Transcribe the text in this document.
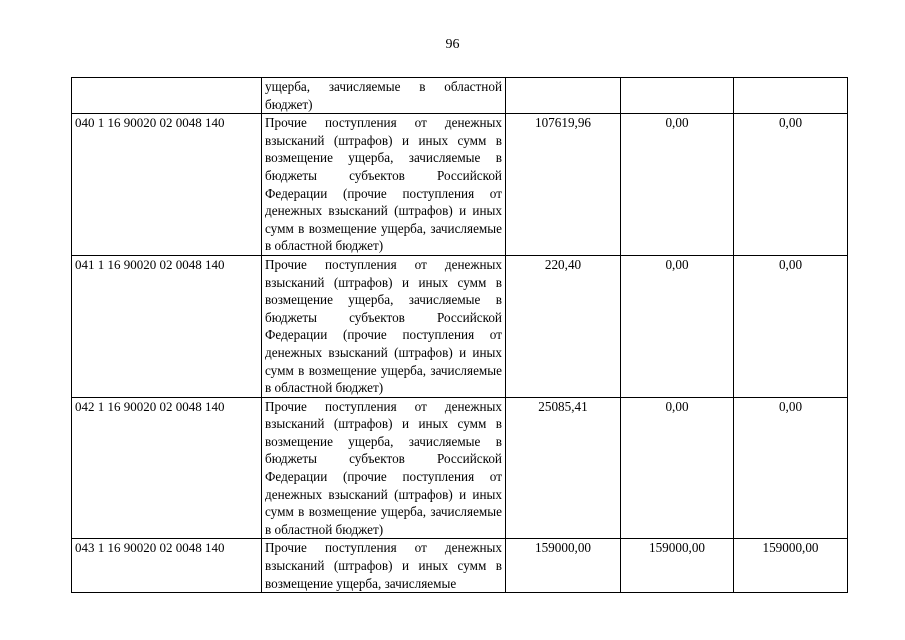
96
	ущерба, зачисляемые в областной бюджет)			
040 1 16 90020 02 0048 140	Прочие поступления от денежных взысканий (штрафов) и иных сумм в возмещение ущерба, зачисляемые в бюджеты субъектов Российской Федерации (прочие поступления от денежных взысканий (штрафов) и иных сумм в возмещение ущерба, зачисляемые в областной бюджет)	107619,96	0,00	0,00
041 1 16 90020 02 0048 140	Прочие поступления от денежных взысканий (штрафов) и иных сумм в возмещение ущерба, зачисляемые в бюджеты субъектов Российской Федерации (прочие поступления от денежных взысканий (штрафов) и иных сумм в возмещение ущерба, зачисляемые в областной бюджет)	220,40	0,00	0,00
042 1 16 90020 02 0048 140	Прочие поступления от денежных взысканий (штрафов) и иных сумм в возмещение ущерба, зачисляемые в бюджеты субъектов Российской Федерации (прочие поступления от денежных взысканий (штрафов) и иных сумм в возмещение ущерба, зачисляемые в областной бюджет)	25085,41	0,00	0,00
043 1 16 90020 02 0048 140	Прочие поступления от денежных взысканий (штрафов) и иных сумм в возмещение ущерба, зачисляемые	159000,00	159000,00	159000,00
